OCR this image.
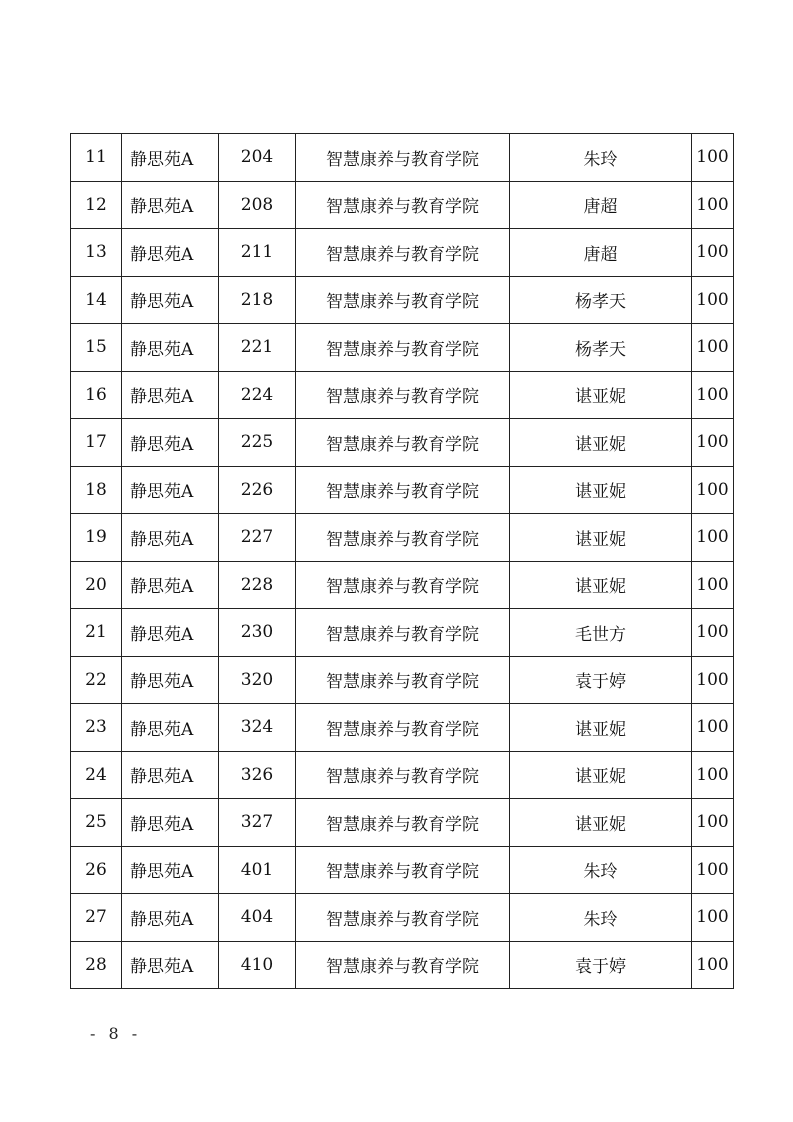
11	静思苑A	204	智慧康养与教育学院	朱玲	100
12	静思苑A	208	智慧康养与教育学院	唐超	100
13	静思苑A	211	智慧康养与教育学院	唐超	100
14	静思苑A	218	智慧康养与教育学院	杨孝天	100
15	静思苑A	221	智慧康养与教育学院	杨孝天	100
16	静思苑A	224	智慧康养与教育学院	谌亚妮	100
17	静思苑A	225	智慧康养与教育学院	谌亚妮	100
18	静思苑A	226	智慧康养与教育学院	谌亚妮	100
19	静思苑A	227	智慧康养与教育学院	谌亚妮	100
20	静思苑A	228	智慧康养与教育学院	谌亚妮	100
21	静思苑A	230	智慧康养与教育学院	毛世方	100
22	静思苑A	320	智慧康养与教育学院	袁于婷	100
23	静思苑A	324	智慧康养与教育学院	谌亚妮	100
24	静思苑A	326	智慧康养与教育学院	谌亚妮	100
25	静思苑A	327	智慧康养与教育学院	谌亚妮	100
26	静思苑A	401	智慧康养与教育学院	朱玲	100
27	静思苑A	404	智慧康养与教育学院	朱玲	100
28	静思苑A	410	智慧康养与教育学院	袁于婷	100
- 8 -
